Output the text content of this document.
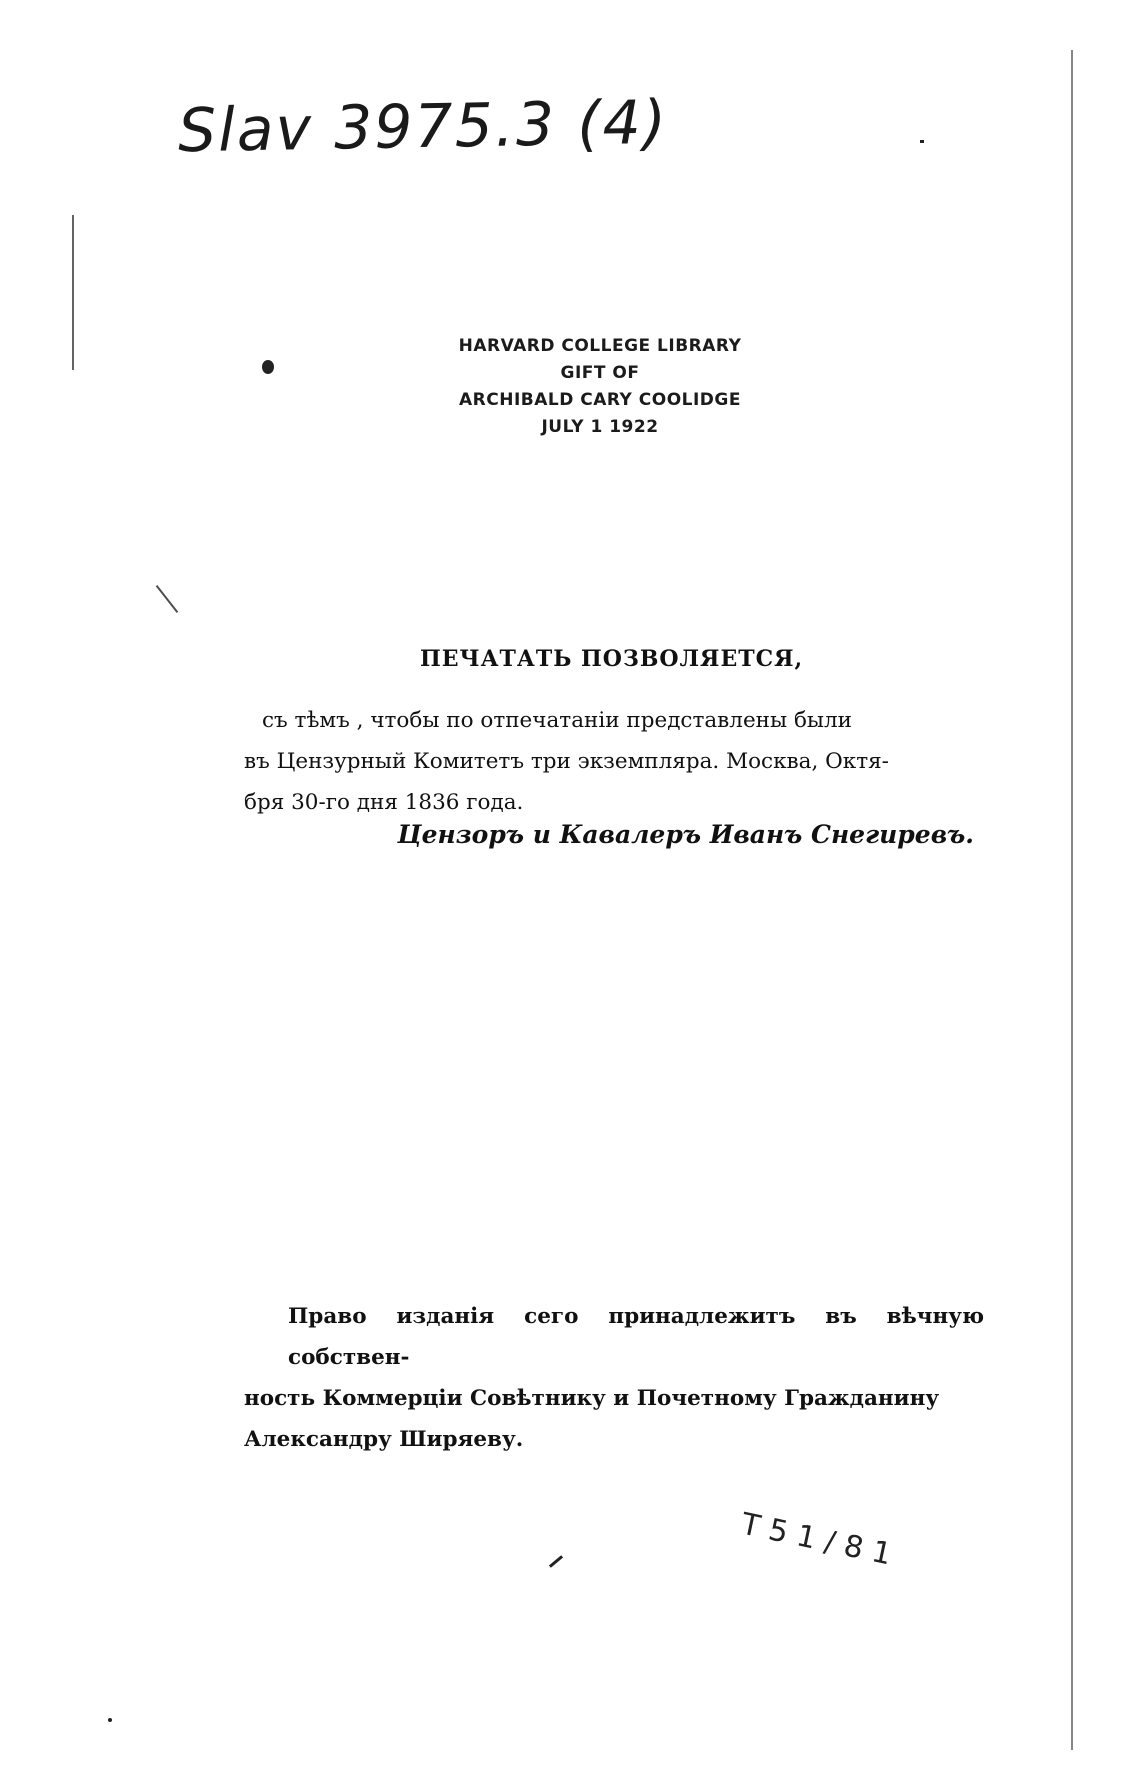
Slav 3975.3 (4)
HARVARD COLLEGE LIBRARY
GIFT OF
ARCHIBALD CARY COOLIDGE
JULY 1 1922
ПЕЧАТАТЬ ПОЗВОЛЯЕТСЯ,
съ тѣмъ , чтобы по отпечатаніи представлены были
въ Цензурный Комитетъ три экземпляра. Москва, Октя-
бря 30-го дня 1836 года.
Цензоръ и Кавалеръ Иванъ Снегиревъ.
Право изданія сего принадлежитъ въ вѣчную собствен-
ность Коммерціи Совѣтнику и Почетному Гражданину
Александру Ширяеву.
Т 5 1 / 8 1
